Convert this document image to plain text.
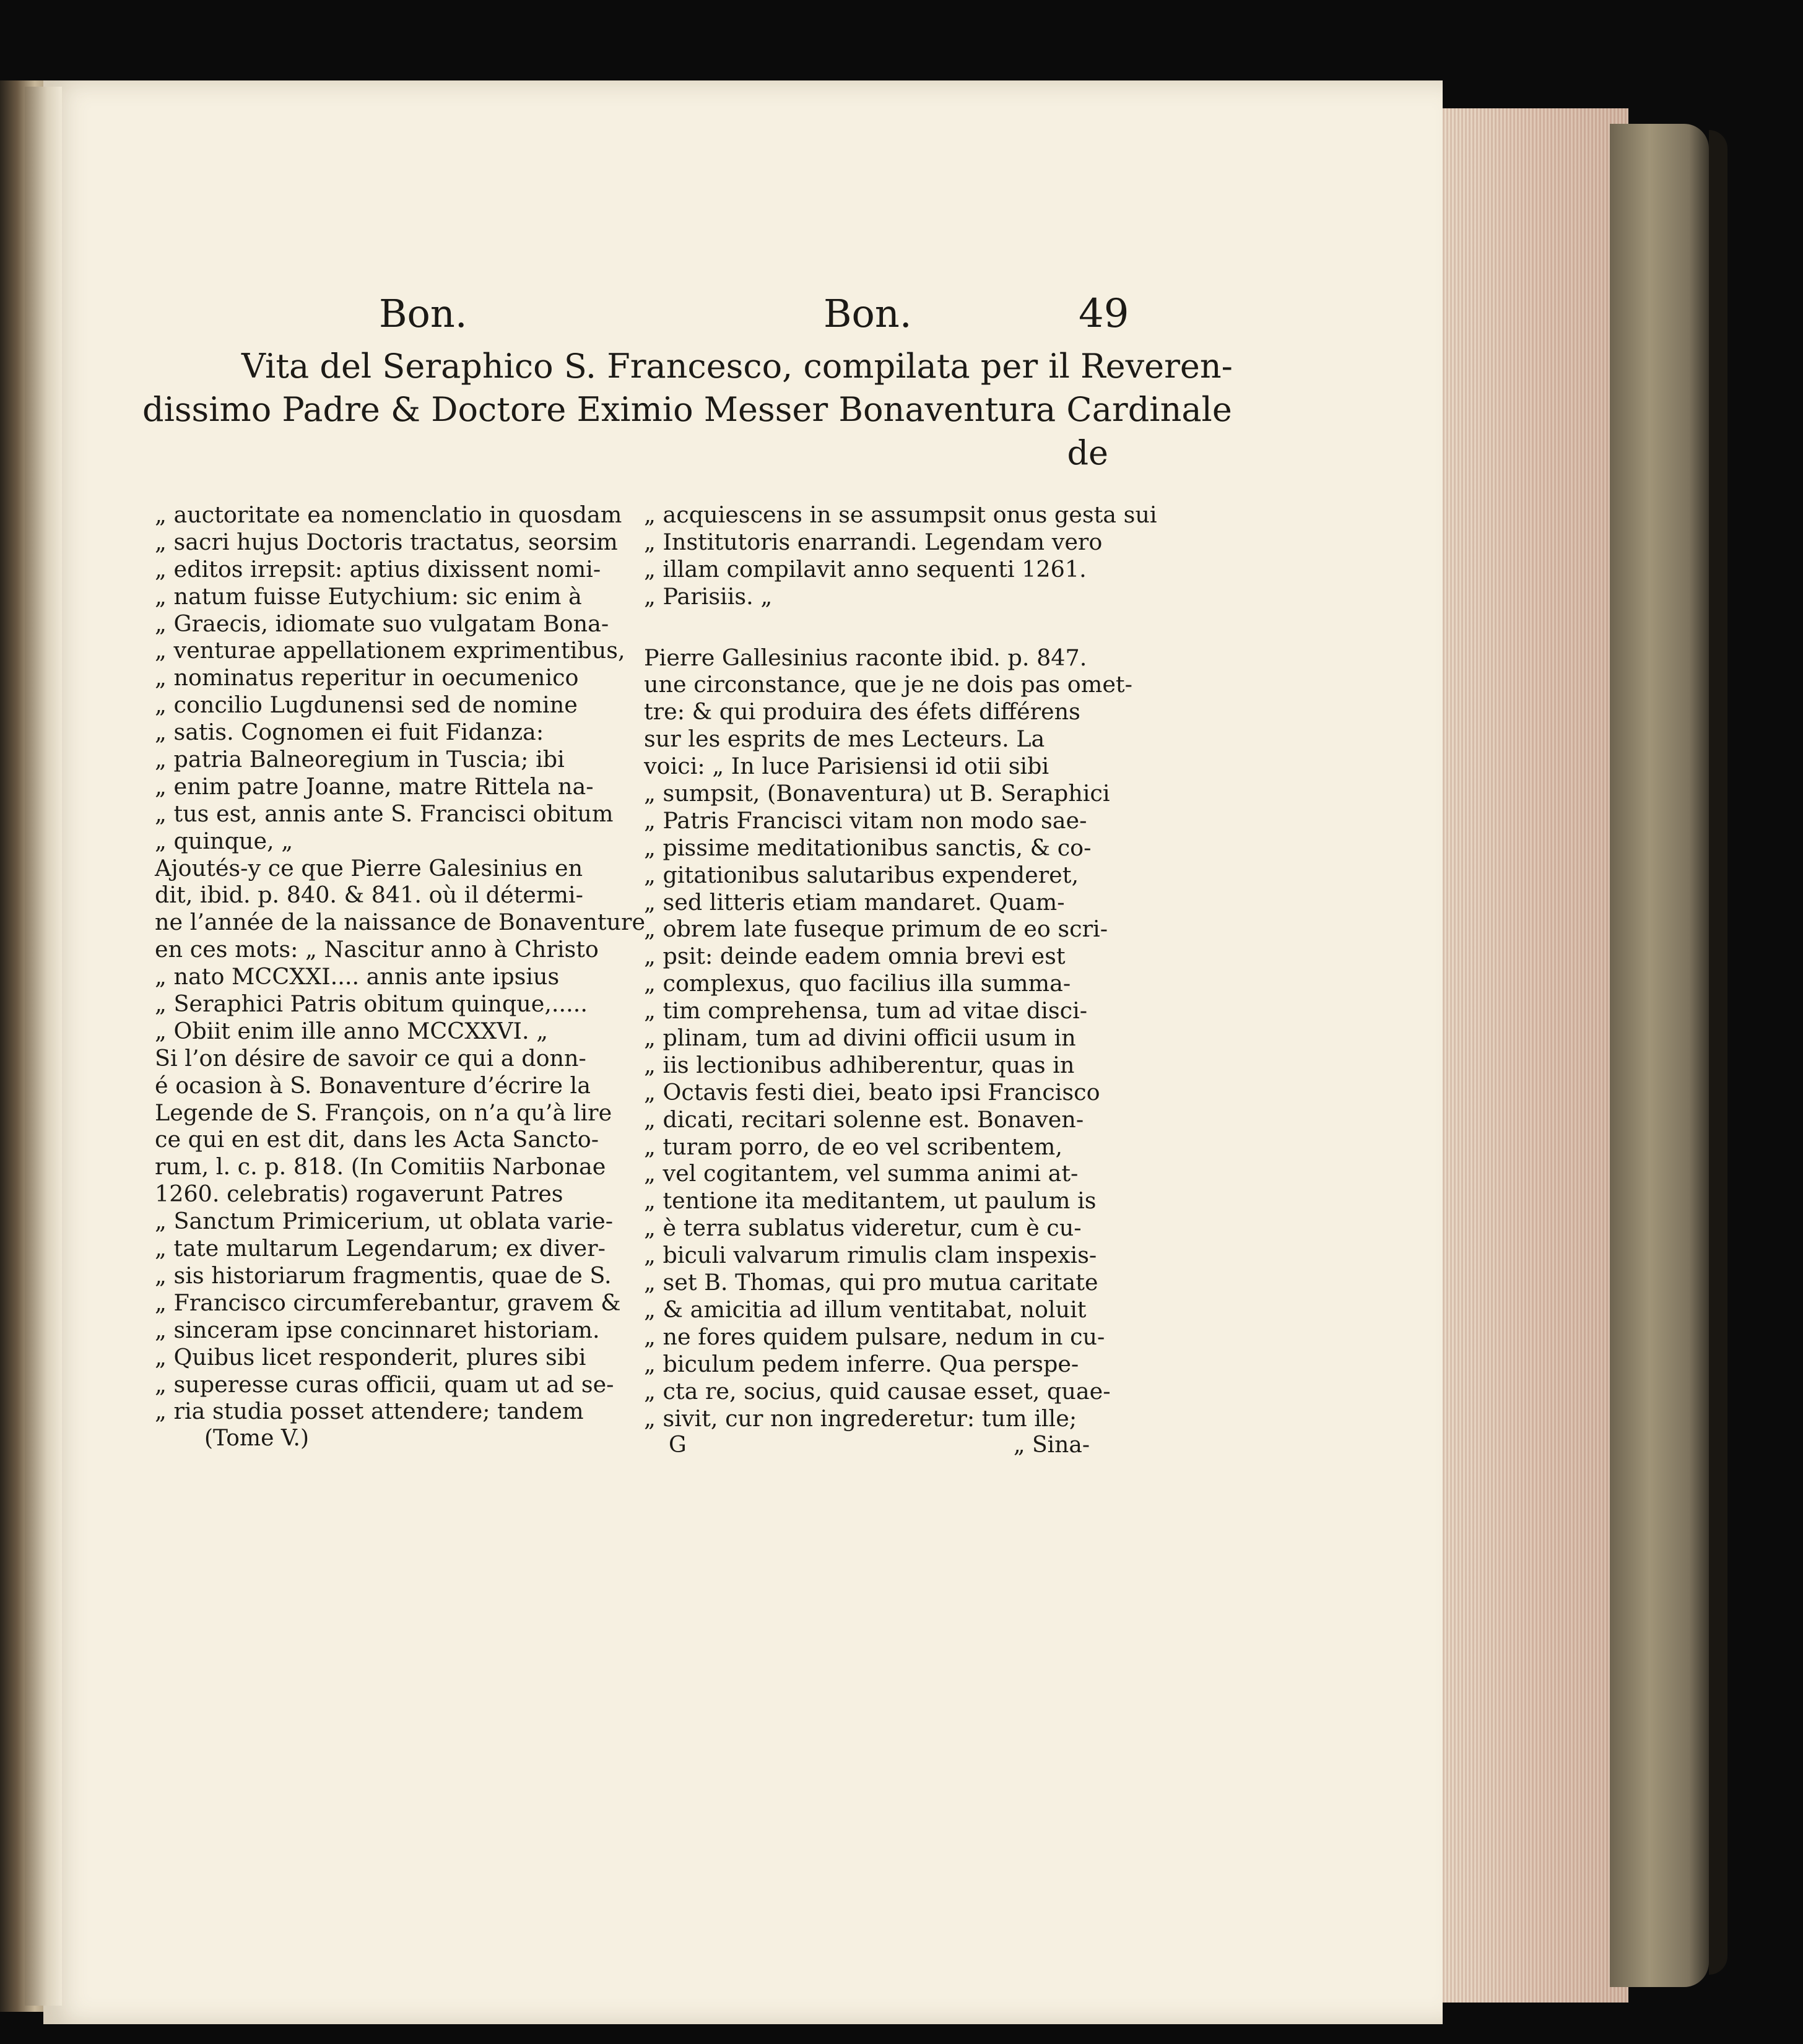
Bon.	Bon.	49

Vita del Seraphico S. Francesco, compilata per il Reveren-

dissimo Padre & Doctore Eximio Messer Bonaventura Cardinale

de

„ auctoritate ea nomenclatio in quosdam
„ sacri hujus Doctoris tractatus, seorsim
„ editos irrepsit: aptius dixissent nomi-
„ natum fuisse Eutychium: sic enim à
„ Graecis, idiomate suo vulgatam Bona-
„ venturae appellationem exprimentibus,
„ nominatus reperitur in oecumenico
„ concilio Lugdunensi sed de nomine
„ satis. Cognomen ei fuit Fidanza:
„ patria Balneoregium in Tuscia; ibi
„ enim patre Joanne, matre Rittela na-
„ tus est, annis ante S. Francisci obitum
„ quinque, „
Ajoutés-y ce que Pierre Galesinius en
dit, ibid. p. 840. & 841. où il détermi-
ne l’année de la naissance de Bonaventure
en ces mots: „ Nascitur anno à Christo
„ nato MCCXXI.... annis ante ipsius
„ Seraphici Patris obitum quinque,.....
„ Obiit enim ille anno MCCXXVI. „
Si l’on désire de savoir ce qui a donn-
é ocasion à S. Bonaventure d’écrire la
Legende de S. François, on n’a qu’à lire
ce qui en est dit, dans les Acta Sancto-
rum, l. c. p. 818. (In Comitiis Narbonae
1260. celebratis) rogaverunt Patres
„ Sanctum Primicerium, ut oblata varie-
„ tate multarum Legendarum; ex diver-
„ sis historiarum fragmentis, quae de S.
„ Francisco circumferebantur, gravem &
„ sinceram ipse concinnaret historiam.
„ Quibus licet responderit, plures sibi
„ superesse curas officii, quam ut ad se-
„ ria studia posset attendere; tandem
(Tome V.)
„ acquiescens in se assumpsit onus gesta sui
„ Institutoris enarrandi. Legendam vero
„ illam compilavit anno sequenti 1261.
„ Parisiis. „
Pierre Gallesinius raconte ibid. p. 847.
une circonstance, que je ne dois pas omet-
tre: & qui produira des éfets différens
sur les esprits de mes Lecteurs. La
voici: „ In luce Parisiensi id otii sibi
„ sumpsit, (Bonaventura) ut B. Seraphici
„ Patris Francisci vitam non modo sae-
„ pissime meditationibus sanctis, & co-
„ gitationibus salutaribus expenderet,
„ sed litteris etiam mandaret. Quam-
„ obrem late fuseque primum de eo scri-
„ psit: deinde eadem omnia brevi est
„ complexus, quo facilius illa summa-
„ tim comprehensa, tum ad vitae disci-
„ plinam, tum ad divini officii usum in
„ iis lectionibus adhiberentur, quas in
„ Octavis festi diei, beato ipsi Francisco
„ dicati, recitari solenne est. Bonaven-
„ turam porro, de eo vel scribentem,
„ vel cogitantem, vel summa animi at-
„ tentione ita meditantem, ut paulum is
„ è terra sublatus videretur, cum è cu-
„ biculi valvarum rimulis clam inspexis-
„ set B. Thomas, qui pro mutua caritate
„ & amicitia ad illum ventitabat, noluit
„ ne fores quidem pulsare, nedum in cu-
„ biculum pedem inferre. Qua perspe-
„ cta re, socius, quid causae esset, quae-
„ sivit, cur non ingrederetur: tum ille;
G	„ Sina-
